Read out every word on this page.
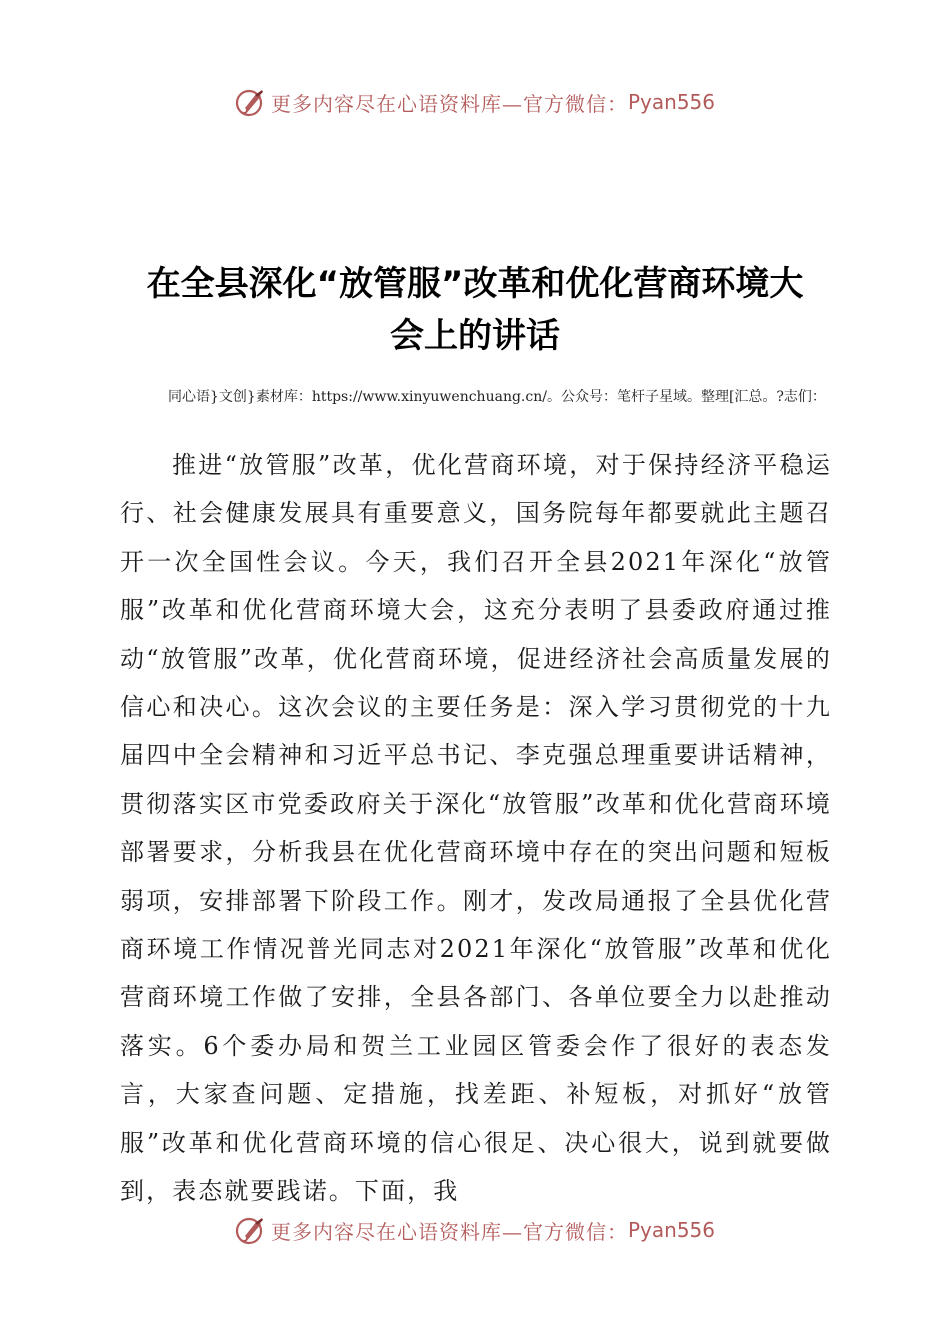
更多内容尽在心语资料库—官方微信： Pyan556
在全县深化“放管服”改革和优化营商环境大
会上的讲话
同心语}文创}素材库：https://www.xinyuwenchuang.cn/。公众号：笔杆子星域。整理[汇总。?志们：
推进“放管服”改革，优化营商环境，对于保持经济平稳运行、社会健康发展具有重要意义，国务院每年都要就此主题召开一次全国性会议。今天，我们召开全县2021年深化“放管服”改革和优化营商环境大会，这充分表明了县委政府通过推动“放管服”改革，优化营商环境，促进经济社会高质量发展的信心和决心。这次会议的主要任务是：深入学习贯彻党的十九届四中全会精神和习近平总书记、李克强总理重要讲话精神，贯彻落实区市党委政府关于深化“放管服”改革和优化营商环境部署要求，分析我县在优化营商环境中存在的突出问题和短板弱项，安排部署下阶段工作。刚才，发改局通报了全县优化营商环境工作情况普光同志对2021年深化“放管服”改革和优化营商环境工作做了安排，全县各部门、各单位要全力以赴推动落实。6个委办局和贺兰工业园区管委会作了很好的表态发言，大家查问题、定措施，找差距、补短板，对抓好“放管服”改革和优化营商环境的信心很足、决心很大，说到就要做到，表态就要践诺。下面，我
更多内容尽在心语资料库—官方微信： Pyan556
